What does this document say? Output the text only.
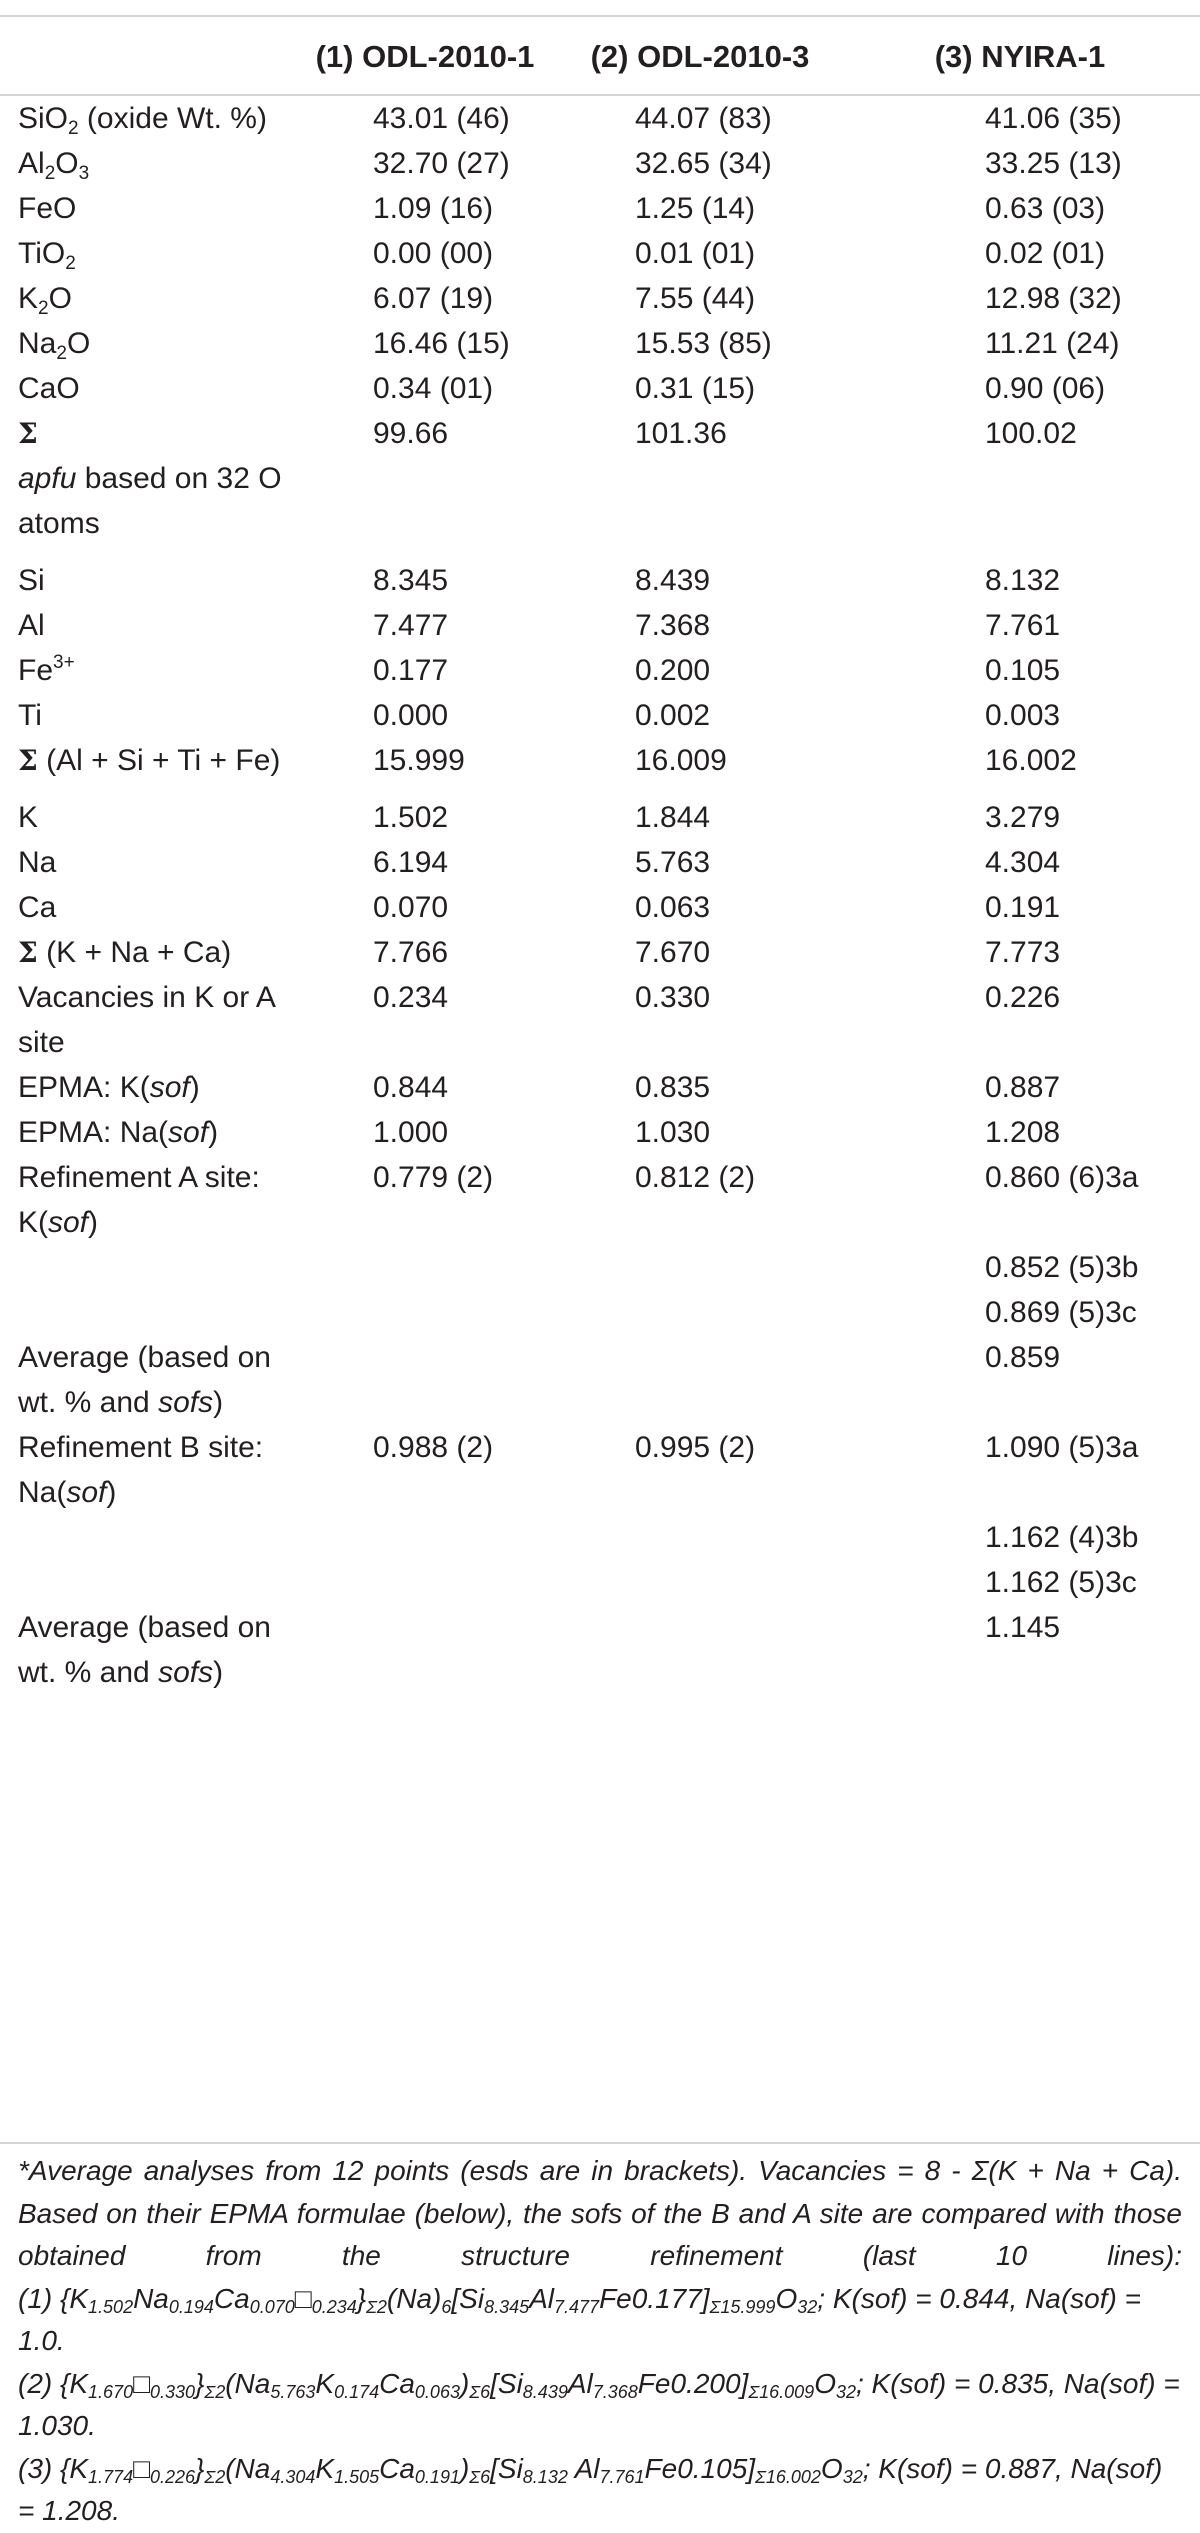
	(1) ODL-2010-1	(2) ODL-2010-3	(3) NYIRA-1
SiO$_2$ (oxide Wt. %)	43.01 (46)	44.07 (83)	41.06 (35)
$Al_2O_3$	32.70 (27)	32.65 (34)	33.25 (13)
FeO	1.09 (16)	1.25 (14)	0.63 (03)
TiO$_2$	0.00 (00)	0.01 (01)	0.02 (01)
$K_2O$	6.07 (19)	7.55 (44)	12.98 (32)
$Na_2O$	16.46 (15)	15.53 (85)	11.21 (24)
CaO	0.34 (01)	0.31 (15)	0.90 (06)
Σ	99.66	101.36	100.02
apfu based on 32 O atoms			
Si	8.345	8.439	8.132
Al	7.477	7.368	7.761
$Fe^{3+}$	0.177	0.200	0.105
Ti	0.000	0.002	0.003
Σ (Al + Si + Ti + Fe)	15.999	16.009	16.002
K	1.502	1.844	3.279
Na	6.194	5.763	4.304
Ca	0.070	0.063	0.191
Σ (K + Na + Ca)	7.766	7.670	7.773
Vacancies in K or A site	0.234	0.330	0.226
EPMA: K(sof)	0.844	0.835	0.887
EPMA: Na(sof)	1.000	1.030	1.208
Refinement A site: K(sof)	0.779 (2)	0.812 (2)	0.860 (6)3a
			0.852 (5)3b
			0.869 (5)3c
Average (based on wt. % and sofs)			0.859
Refinement B site: Na(sof)	0.988 (2)	0.995 (2)	1.090 (5)3a
			1.162 (4)3b
			1.162 (5)3c
Average (based on wt. % and sofs)			1.145

*Average analyses from 12 points (esds are in brackets). Vacancies = 8 - Σ(K + Na + Ca). Based on their EPMA formulae (below), the sofs of the B and A site are compared with those obtained from the structure refinement (last 10 lines):

(1) $\{K_{1.502}Na_{0.194}Ca_{0.070}□_{0.234}\}_{\Sigma 2}(Na)_6[Si_{8.345}Al_{7.477}Fe0.177]_{\Sigma 15.999}O_{32}$; K(sof) = 0.844, Na(sof) = 1.0.

(2) $\{K_{1.670}□_{0.330}\}_{\Sigma 2}(Na_{5.763}K_{0.174}Ca_{0.063})_{\Sigma 6}[Si_{8.439}Al_{7.368}Fe0.200]_{\Sigma 16.009}O_{32}$; K(sof) = 0.835, Na(sof) = 1.030.

(3) $\{K_{1.774}□_{0.226}\}_{\Sigma 2}(Na_{4.304}K_{1.505}Ca_{0.191})_{\Sigma 6}[Si_{8.132}$ $Al_{7.761}Fe0.105]_{\Sigma 16.002}O_{32}$; K(sof) = 0.887, Na(sof) = 1.208.
